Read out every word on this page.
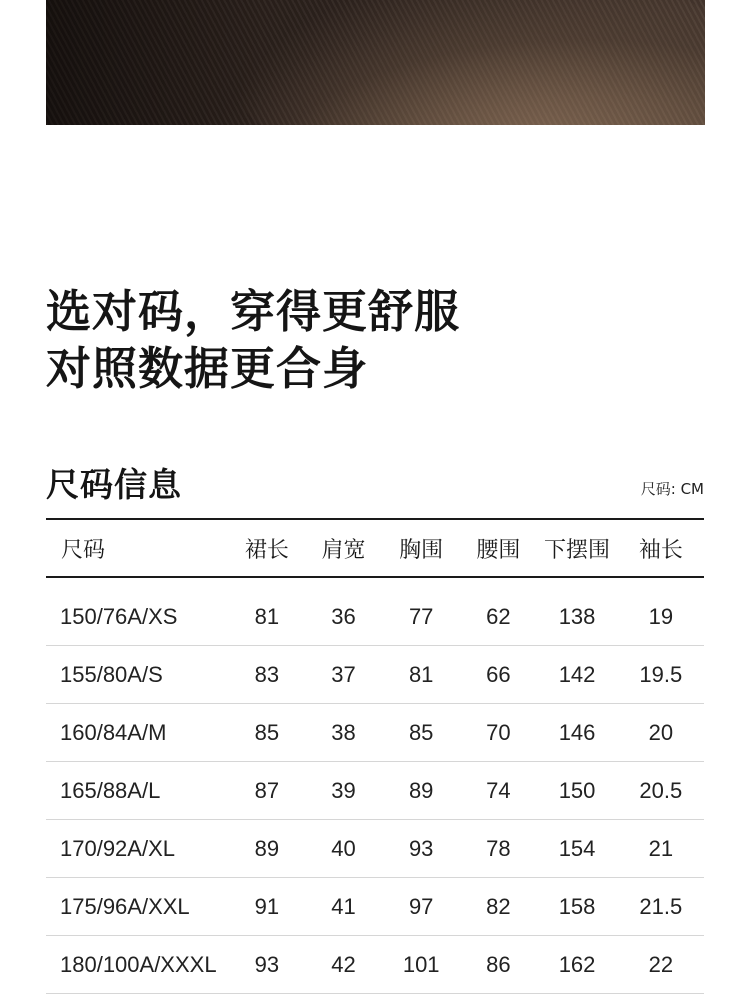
选对码，穿得更舒服
对照数据更合身
尺码信息	尺码: CM
尺码	裙长	肩宽	胸围	腰围	下摆围	袖长
150/76A/XS	81	36	77	62	138	19
155/80A/S	83	37	81	66	142	19.5
160/84A/M	85	38	85	70	146	20
165/88A/L	87	39	89	74	150	20.5
170/92A/XL	89	40	93	78	154	21
175/96A/XXL	91	41	97	82	158	21.5
180/100A/XXXL	93	42	101	86	162	22
